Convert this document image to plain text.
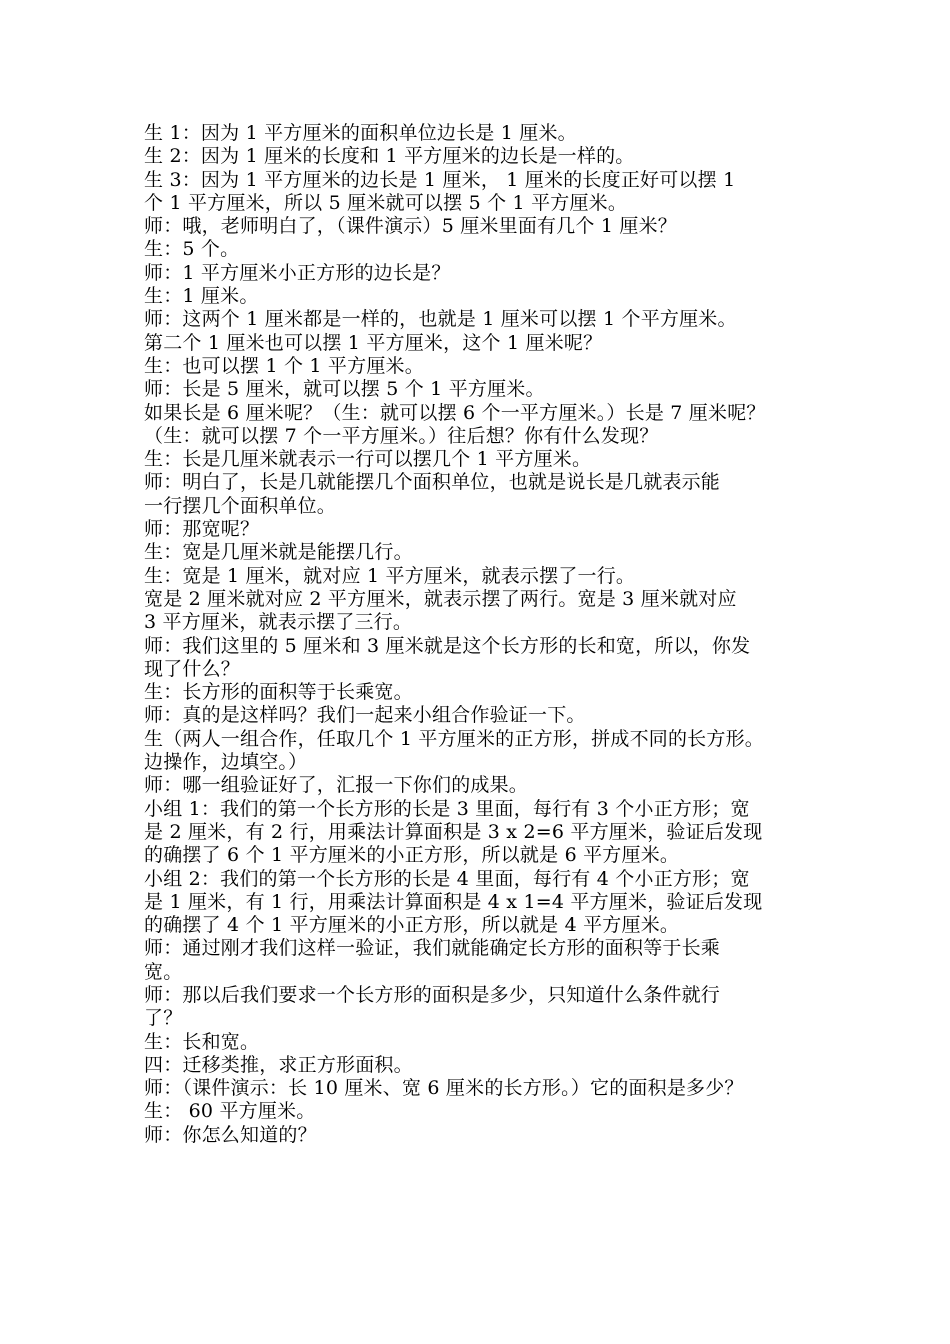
生 1：因为 1 平方厘米的面积单位边长是 1 厘米。
生 2：因为 1 厘米的长度和 1 平方厘米的边长是一样的。
生 3：因为 1 平方厘米的边长是 1 厘米， 1 厘米的长度正好可以摆 1
个 1 平方厘米，所以 5 厘米就可以摆 5 个 1 平方厘米。
师：哦，老师明白了，（课件演示）5 厘米里面有几个 1 厘米？
生：5 个。
师：1 平方厘米小正方形的边长是？
生：1 厘米。
师：这两个 1 厘米都是一样的，也就是 1 厘米可以摆 1 个平方厘米。
第二个 1 厘米也可以摆 1 平方厘米，这个 1 厘米呢？
生：也可以摆 1 个 1 平方厘米。
师：长是 5 厘米，就可以摆 5 个 1 平方厘米。
如果长是 6 厘米呢？（生：就可以摆 6 个一平方厘米。）长是 7 厘米呢？
（生：就可以摆 7 个一平方厘米。）往后想？你有什么发现？
生：长是几厘米就表示一行可以摆几个 1 平方厘米。
师：明白了，长是几就能摆几个面积单位，也就是说长是几就表示能
一行摆几个面积单位。
师：那宽呢？
生：宽是几厘米就是能摆几行。
生：宽是 1 厘米，就对应 1 平方厘米，就表示摆了一行。
宽是 2 厘米就对应 2 平方厘米，就表示摆了两行。宽是 3 厘米就对应
3 平方厘米，就表示摆了三行。
师：我们这里的 5 厘米和 3 厘米就是这个长方形的长和宽，所以，你发
现了什么？
生：长方形的面积等于长乘宽。
师：真的是这样吗？我们一起来小组合作验证一下。
生（两人一组合作，任取几个 1 平方厘米的正方形，拼成不同的长方形。
边操作，边填空。）
师：哪一组验证好了，汇报一下你们的成果。
小组 1：我们的第一个长方形的长是 3 里面，每行有 3 个小正方形；宽
是 2 厘米，有 2 行，用乘法计算面积是 3 x 2=6 平方厘米，验证后发现
的确摆了 6 个 1 平方厘米的小正方形，所以就是 6 平方厘米。
小组 2：我们的第一个长方形的长是 4 里面，每行有 4 个小正方形；宽
是 1 厘米，有 1 行，用乘法计算面积是 4 x 1=4 平方厘米，验证后发现
的确摆了 4 个 1 平方厘米的小正方形，所以就是 4 平方厘米。
师：通过刚才我们这样一验证，我们就能确定长方形的面积等于长乘
宽。
师：那以后我们要求一个长方形的面积是多少，只知道什么条件就行
了？
生：长和宽。
四：迁移类推，求正方形面积。
师：（课件演示：长 10 厘米、宽 6 厘米的长方形。）它的面积是多少？
生： 60 平方厘米。
师：你怎么知道的？
